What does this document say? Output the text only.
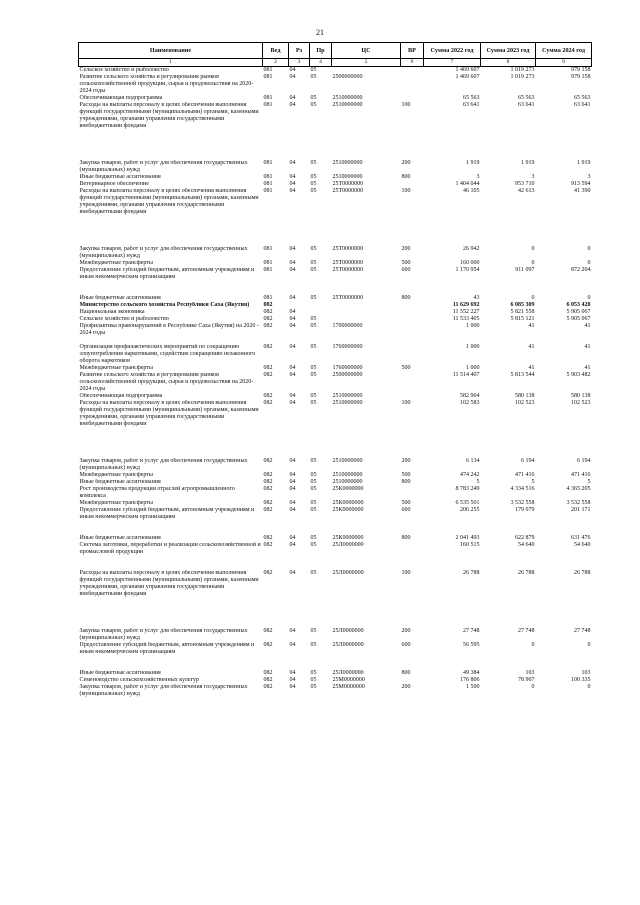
21
Наименование	Вед	Рз	Пр	ЦС	ВР	Сумма 2022 год	Сумма 2023 год	Сумма 2024 год
1	2	3	4	5	6	7	8	9
Сельское хозяйство и рыболовство	081	04	05			1 469 607	1 019 273	979 158
Развитие сельского хозяйства и регулирования рынков сельскохозяйственной продукции, сырья и продовольствия на 2020-2024 годы	081	04	05	2500000000		1 469 607	1 019 273	979 158
Обеспечивающая подпрограмма	081	04	05	2510000000		65 563	65 563	65 563
Расходы на выплаты персоналу в целях обеспечения выполнения функций государственными (муниципальными) органами, казенными учреждениями, органами управления государственными внебюджетными фондами	081	04	05	2510000000	100	63 641	63 641	63 641
Закупка товаров, работ и услуг для обеспечения государственных (муниципальных) нужд	081	04	05	2510000000	200	1 919	1 919	1 919
Иные бюджетные ассигнования	081	04	05	2510000000	800	3	3	3
Ветеринарное обеспечение	081	04	05	25Т0000000		1 404 044	953 710	913 594
Расходы на выплаты персоналу в целях обеспечения выполнения функций государственными (муниципальными) органами, казенными учреждениями, органами управления государственными внебюджетными фондами	081	04	05	25Т0000000	100	46 105	42 613	41 390
Закупка товаров, работ и услуг для обеспечения государственных (муниципальных) нужд	081	04	05	25Т0000000	200	26 942	0	0
Межбюджетные трансферты	081	04	05	25Т0000000	500	160 000	0	0
Предоставление субсидий бюджетным, автономным учреждениям и иным некоммерческим организациям	081	04	05	25Т0000000	600	1 170 954	911 097	872 204
Иные бюджетные ассигнования	081	04	05	25Т0000000	800	43	0	0
Министерство сельского хозяйства Республики Саха (Якутия)	082					11 629 692	6 085 309	6 053 428
Национальная экономика	082	04				11 552 227	5 821 558	5 905 067
Сельское хозяйство и рыболовство	082	04	05			11 533 405	5 815 121	5 905 067
Профилактика правонарушений в Республике Саха (Якутия) на 2020 - 2024 годы	082	04	05	1700000000		1 000	41	41
Организация профилактических мероприятий по сокращению злоупотребления наркотиками, содействие сокращению незаконного оборота наркотиков	082	04	05	1760000000		1 000	41	41
Межбюджетные трансферты	082	04	05	1760000000	500	1 000	41	41
Развитие сельского хозяйства и регулирования рынков сельскохозяйственной продукции, сырья и продовольствия на 2020-2024 годы	082	04	05	2500000000		11 514 407	5 813 544	5 903 482
Обеспечивающая подпрограмма	082	04	05	2510000000		582 964	580 138	580 138
Расходы на выплаты персоналу в целях обеспечения выполнения функций государственными (муниципальными) органами, казенными учреждениями, органами управления государственными внебюджетными фондами	082	04	05	2510000000	100	102 583	102 523	102 523
Закупка товаров, работ и услуг для обеспечения государственных (муниципальных) нужд	082	04	05	2510000000	200	6 134	6 194	6 194
Межбюджетные трансферты	082	04	05	2510000000	500	474 242	471 416	471 416
Иные бюджетные ассигнования	082	04	05	2510000000	800	5	5	5
Рост производства продукции отраслей агропромышленного комплекса	082	04	05	25К0000000		8 783 249	4 334 516	4 365 205
Межбюджетные трансферты	082	04	05	25К0000000	500	6 535 501	3 532 558	3 532 558
Предоставление субсидий бюджетным, автономным учреждениям и иным некоммерческим организациям	082	04	05	25К0000000	600	206 255	179 079	201 171
Иные бюджетные ассигнования	082	04	05	25К0000000	800	2 041 493	622 879	631 476
Система заготовки, переработки и реализации сельскохозяйственной и промысловой продукции	082	04	05	25Л0000000		160 515	54 640	54 640
Расходы на выплаты персоналу в целях обеспечения выполнения функций государственными (муниципальными) органами, казенными учреждениями, органами управления государственными внебюджетными фондами	082	04	05	25Л0000000	100	26 788	26 788	26 788
Закупка товаров, работ и услуг для обеспечения государственных (муниципальных) нужд	082	04	05	25Л0000000	200	27 748	27 748	27 748
Предоставление субсидий бюджетным, автономным учреждениям и иным некоммерческим организациям	082	04	05	25Л0000000	600	56 595	0	0
Иные бюджетные ассигнования	082	04	05	25Л0000000	800	49 384	103	103
Семеноводство сельскохозяйственных культур	082	04	05	25М0000000		176 806	78 907	100 335
Закупка товаров, работ и услуг для обеспечения государственных (муниципальных) нужд	082	04	05	25М0000000	200	1 500	0	0
